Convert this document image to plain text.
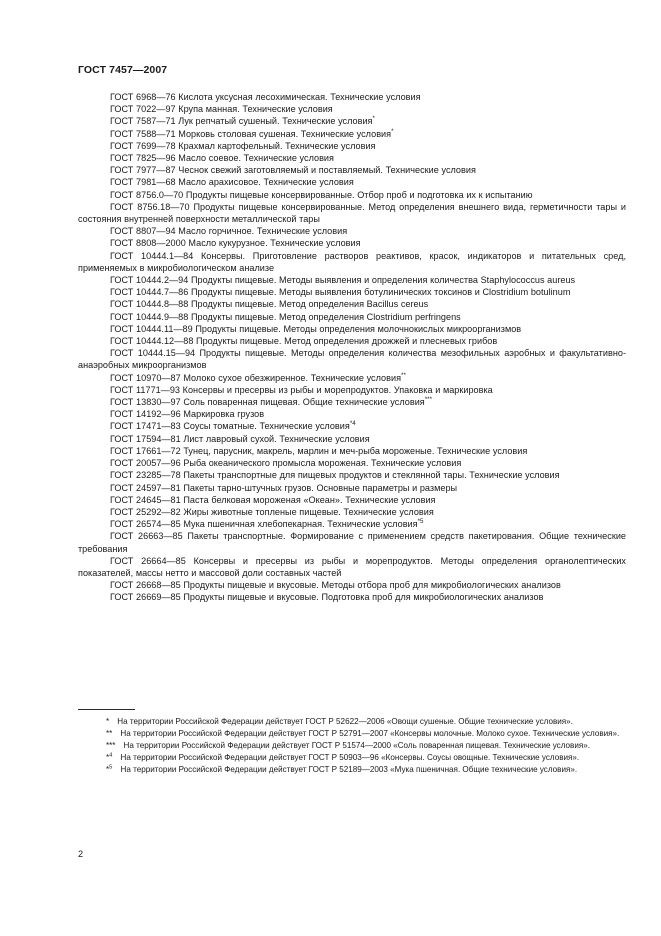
ГОСТ 7457—2007

ГОСТ 6968—76 Кислота уксусная лесохимическая. Технические условия

ГОСТ 7022—97 Крупа манная. Технические условия

ГОСТ 7587—71 Лук репчатый сушеный. Технические условия*

ГОСТ 7588—71 Морковь столовая сушеная. Технические условия*

ГОСТ 7699—78 Крахмал картофельный. Технические условия

ГОСТ 7825—96 Масло соевое. Технические условия

ГОСТ 7977—87 Чеснок свежий заготовляемый и поставляемый. Технические условия

ГОСТ 7981—68 Масло арахисовое. Технические условия

ГОСТ 8756.0—70 Продукты пищевые консервированные. Отбор проб и подготовка их к испытанию

ГОСТ 8756.18—70 Продукты пищевые консервированные. Метод определения внешнего вида, герметичности тары и состояния внутренней поверхности металлической тары

ГОСТ 8807—94 Масло горчичное. Технические условия

ГОСТ 8808—2000 Масло кукурузное. Технические условия

ГОСТ 10444.1—84 Консервы. Приготовление растворов реактивов, красок, индикаторов и питательных сред, применяемых в микробиологическом анализе

ГОСТ 10444.2—94 Продукты пищевые. Методы выявления и определения количества Staphylococcus aureus

ГОСТ 10444.7—86 Продукты пищевые. Методы выявления ботулинических токсинов и Clostridium botulinum

ГОСТ 10444.8—88 Продукты пищевые. Метод определения Bacillus cereus

ГОСТ 10444.9—88 Продукты пищевые. Метод определения Clostridium perfringens

ГОСТ 10444.11—89 Продукты пищевые. Методы определения молочнокислых микроорганизмов

ГОСТ 10444.12—88 Продукты пищевые. Метод определения дрожжей и плесневых грибов

ГОСТ 10444.15—94 Продукты пищевые. Методы определения количества мезофильных аэробных и факультативно-анаэробных микроорганизмов

ГОСТ 10970—87 Молоко сухое обезжиренное. Технические условия**

ГОСТ 11771—93 Консервы и пресервы из рыбы и морепродуктов. Упаковка и маркировка

ГОСТ 13830—97 Соль поваренная пищевая. Общие технические условия***

ГОСТ 14192—96 Маркировка грузов

ГОСТ 17471—83 Соусы томатные. Технические условия$^{*4}$

ГОСТ 17594—81 Лист лавровый сухой. Технические условия

ГОСТ 17661—72 Тунец, парусник, макрель, марлин и меч-рыба мороженые. Технические условия

ГОСТ 20057—96 Рыба океанического промысла мороженая. Технические условия

ГОСТ 23285—78 Пакеты транспортные для пищевых продуктов и стеклянной тары. Технические условия

ГОСТ 24597—81 Пакеты тарно-штучных грузов. Основные параметры и размеры

ГОСТ 24645—81 Паста белковая мороженая «Океан». Технические условия

ГОСТ 25292—82 Жиры животные топленые пищевые. Технические условия

ГОСТ 26574—85 Мука пшеничная хлебопекарная. Технические условия$^{*5}$

ГОСТ 26663—85 Пакеты транспортные. Формирование с применением средств пакетирования. Общие технические требования

ГОСТ 26664—85 Консервы и пресервы из рыбы и морепродуктов. Методы определения органолептических показателей, массы нетто и массовой доли составных частей

ГОСТ 26668—85 Продукты пищевые и вкусовые. Методы отбора проб для микробиологических анализов

ГОСТ 26669—85 Продукты пищевые и вкусовые. Подготовка проб для микробиологических анализов

*   На территории Российской Федерации действует ГОСТ Р 52622—2006 «Овощи сушеные. Общие технические условия».

**   На территории Российской Федерации действует ГОСТ Р 52791—2007 «Консервы молочные. Молоко сухое. Технические условия».

***   На территории Российской Федерации действует ГОСТ Р 51574—2000 «Соль поваренная пищевая. Технические условия».

*$^4$   На территории Российской Федерации действует ГОСТ Р 50903—96 «Консервы. Соусы овощные. Технические условия».

*$^5$   На территории Российской Федерации действует ГОСТ Р 52189—2003 «Мука пшеничная. Общие технические условия».

2
